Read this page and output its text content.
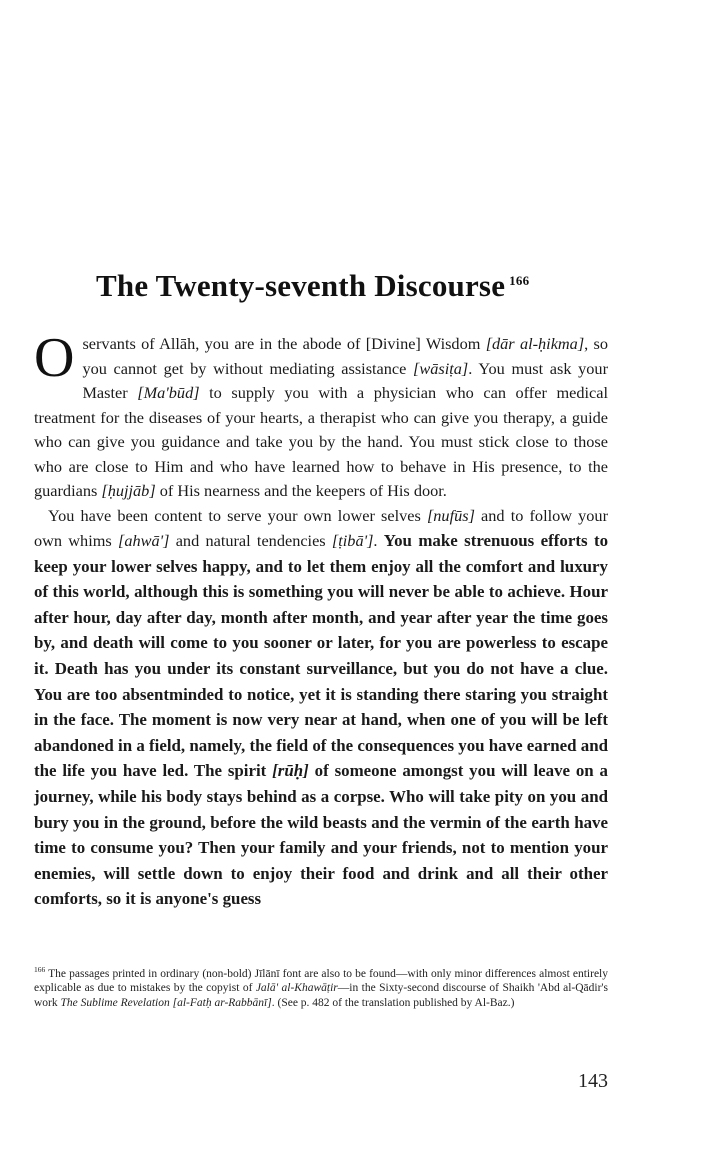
The Twenty-seventh Discourse $^{166}$

Oservants of Allāh, you are in the abode of [Divine] Wisdom [dār al-ḥikma], so you cannot get by without mediating assistance [wāsiṭa]. You must ask your Master [Ma'būd] to supply you with a physician who can offer medical treatment for the diseases of your hearts, a therapist who can give you therapy, a guide who can give you guidance and take you by the hand. You must stick close to those who are close to Him and who have learned how to behave in His presence, to the guardians [ḥujjāb] of His nearness and the keepers of His door.

You have been content to serve your own lower selves [nufūs] and to follow your own whims [ahwā'] and natural tendencies [ṭibā']. You make strenuous efforts to keep your lower selves happy, and to let them enjoy all the comfort and luxury of this world, although this is something you will never be able to achieve. Hour after hour, day after day, month after month, and year after year the time goes by, and death will come to you sooner or later, for you are powerless to escape it. Death has you under its constant surveillance, but you do not have a clue. You are too absentminded to notice, yet it is standing there staring you straight in the face. The moment is now very near at hand, when one of you will be left abandoned in a field, namely, the field of the consequences you have earned and the life you have led. The spirit [rūḥ] of someone amongst you will leave on a journey, while his body stays behind as a corpse. Who will take pity on you and bury you in the ground, before the wild beasts and the vermin of the earth have time to consume you? Then your family and your friends, not to mention your enemies, will settle down to enjoy their food and drink and all their other comforts, so it is anyone's guess

$^{166}$ The passages printed in ordinary (non-bold) Jīlānī font are also to be found—with only minor differences almost entirely explicable as due to mistakes by the copyist of Jalā' al-Khawāṭir—in the Sixty-second discourse of Shaikh 'Abd al-Qādir's work The Sublime Revelation [al-Fatḥ ar-Rabbānī]. (See p. 482 of the translation published by Al-Baz.)
143
